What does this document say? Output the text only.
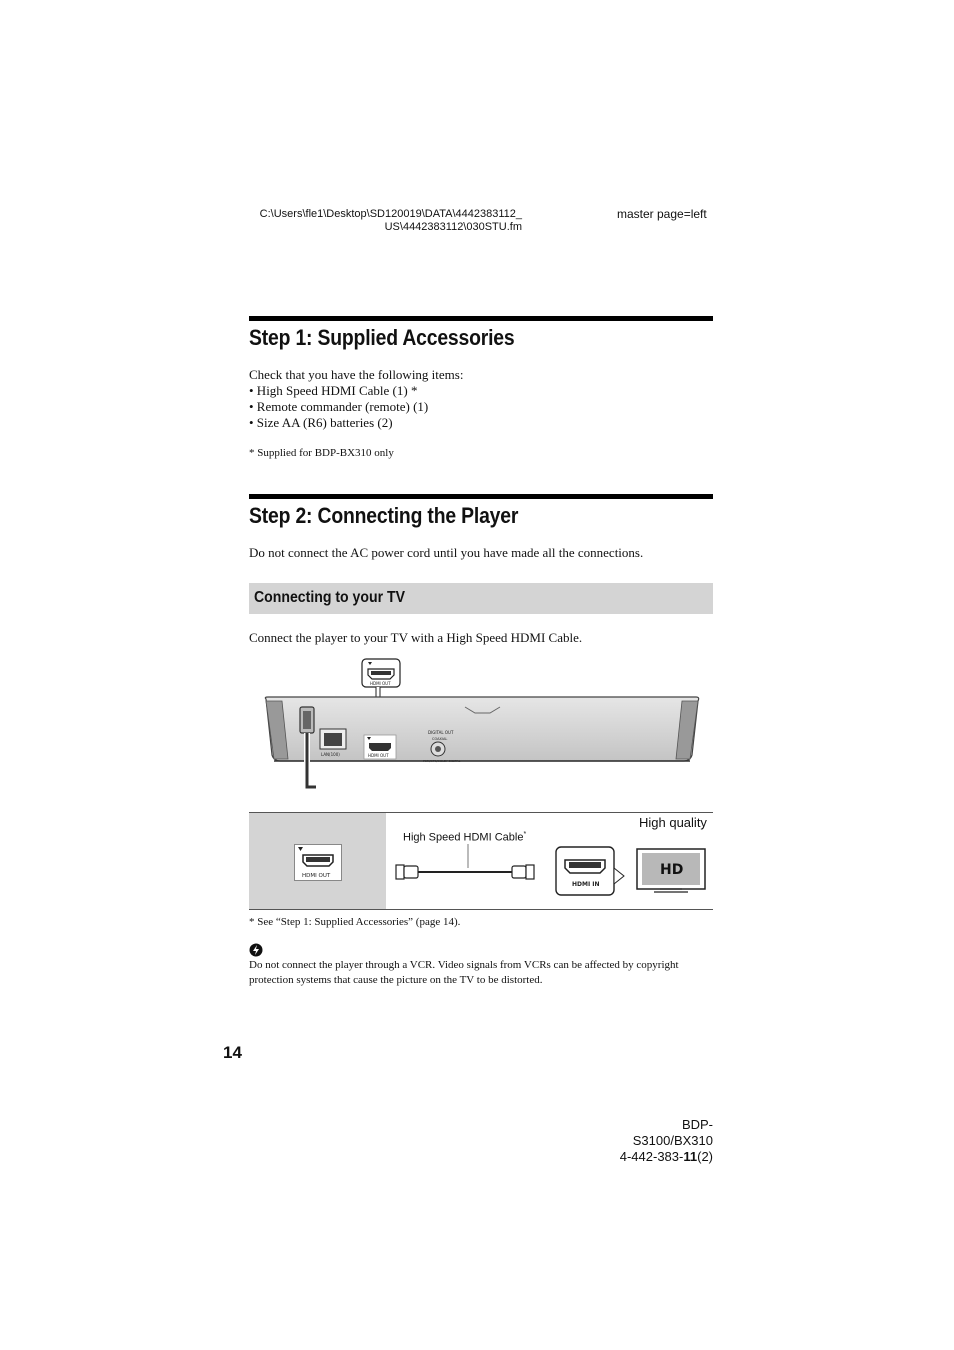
C:\Users\fle1\Desktop\SD120019\DATA\4442383112_
US\4442383112\030STU.fm
master page=left
Step 1: Supplied Accessories
Check that you have the following items:
• High Speed HDMI Cable (1) *
• Remote commander (remote) (1)
• Size AA (R6) batteries (2)
* Supplied for BDP-BX310 only
Step 2: Connecting the Player
Do not connect the AC power cord until you have made all the connections.
Connecting to your TV
Connect the player to your TV with a High Speed HDMI Cable.
HDMI OUT
LAN(100)	HDMI OUT
DIGITAL OUT
COAXIAL
PCM/DTS/DOLBY DIGITAL
HDMI OUT
High quality
High Speed HDMI Cable*
HDMI IN
HD
* See “Step 1: Supplied Accessories” (page 14).
Do not connect the player through a VCR. Video signals from VCRs can be affected by copyright protection systems that cause the picture on the TV to be distorted.
14
BDP-S3100/BX310
4-442-383-11(2)
